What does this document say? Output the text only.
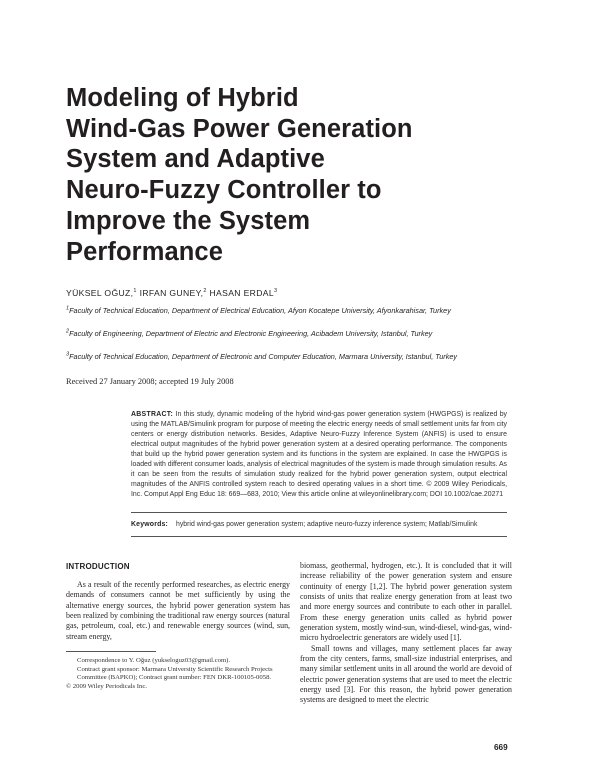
Modeling of Hybrid
Wind-Gas Power Generation
System and Adaptive
Neuro-Fuzzy Controller to
Improve the System
Performance
YÜKSEL OĞUZ,$^1$ IRFAN GUNEY,$^2$ HASAN ERDAL$^3$
$^1$Faculty of Technical Education, Department of Electrical Education, Afyon Kocatepe University, Afyonkarahisar, Turkey
$^2$Faculty of Engineering, Department of Electric and Electronic Engineering, Acibadem University, Istanbul, Turkey
$^3$Faculty of Technical Education, Department of Electronic and Computer Education, Marmara University, Istanbul, Turkey
Received 27 January 2008; accepted 19 July 2008
ABSTRACT: In this study, dynamic modeling of the hybrid wind-gas power generation system (HWGPGS) is realized by using the MATLAB/Simulink program for purpose of meeting the electric energy needs of small settlement units far from city centers or energy distribution networks. Besides, Adaptive Neuro-Fuzzy Inference System (ANFIS) is used to ensure electrical output magnitudes of the hybrid power generation system at a desired operating performance. The components that build up the hybrid power generation system and its functions in the system are explained. In case the HWGPGS is loaded with different consumer loads, analysis of electrical magnitudes of the system is made through simulation results. As it can be seen from the results of simulation study realized for the hybrid power generation system, output electrical magnitudes of the ANFIS controlled system reach to desired operating values in a short time. © 2009 Wiley Periodicals, Inc. Comput Appl Eng Educ 18: 669—683, 2010; View this article online at wileyonlinelibrary.com; DOI 10.1002/cae.20271
Keywords: hybrid wind-gas power generation system; adaptive neuro-fuzzy inference system; Matlab/Simulink
INTRODUCTION

As a result of the recently performed researches, as electric energy demands of consumers cannot be met sufficiently by using the alternative energy sources, the hybrid power generation system has been realized by combining the traditional raw energy sources (natural gas, petroleum, coal, etc.) and renewable energy sources (wind, sun, stream energy,

biomass, geothermal, hydrogen, etc.). It is concluded that it will increase reliability of the power generation system and ensure continuity of energy [1,2]. The hybrid power generation system consists of units that realize energy generation from at least two and more energy sources and contribute to each other in parallel. From these energy generation units called as hybrid power generation system, mostly wind-sun, wind-diesel, wind-gas, wind-micro hydroelectric generators are widely used [1].

Small towns and villages, many settlement places far away from the city centers, farms, small-size industrial enterprises, and many similar settlement units in all around the world are devoid of electric power generation systems that are used to meet the electric energy used [3]. For this reason, the hybrid power generation systems are designed to meet the electric

Correspondence to Y. Oğuz (yukseloguz03@gmail.com).
Contract grant sponsor: Marmara University Scientific Research Projects Committee (BAPKO); Contract grant number: FEN DKR-100105-0058.
© 2009 Wiley Periodicals Inc.
669
